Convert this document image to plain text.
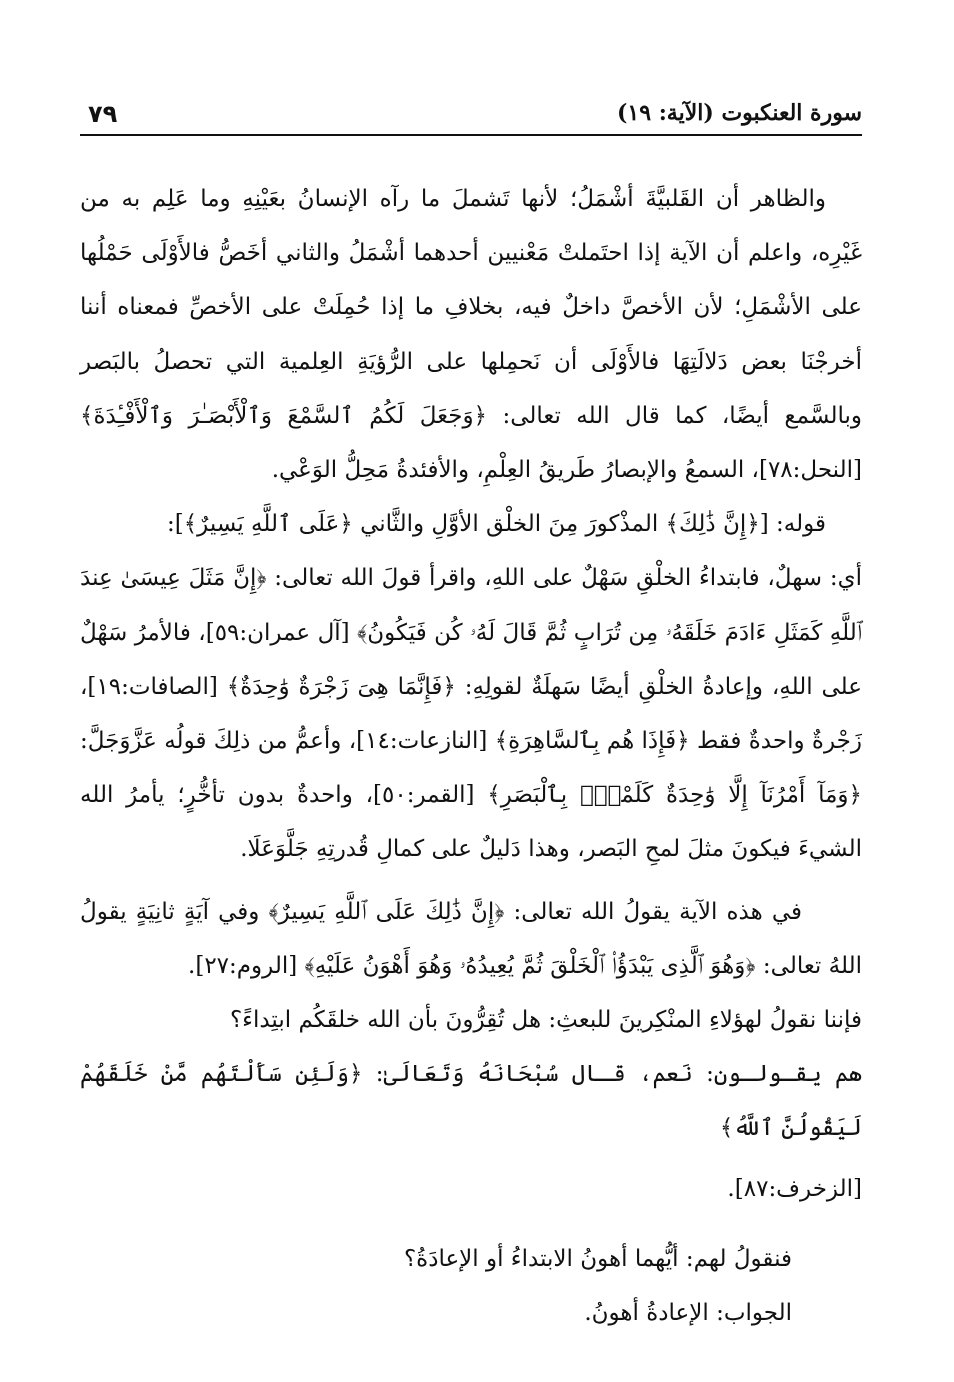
سورة العنكبوت (الآية: ١٩)
٧٩

والظاهر أن القَلبيَّةَ أشْمَلُ؛ لأنها تَشملَ ما رآه الإنسانُ بعَيْنِهِ وما عَلِم به من غَيْرِه، واعلم أن الآية إذا احتَملتْ مَعْنيين أحدهما أشْمَلُ والثاني أخَصُّ فالأَوْلَى حَمْلُها على الأشْمَلِ؛ لأن الأخصَّ داخلٌ فيه، بخلافِ ما إذا حُمِلَتْ على الأخصِّ فمعناه أننا أخرجْنَا بعض دَلالَتِهَا فالأَوْلَى أن نَحمِلها على الرُّؤيَةِ العِلمية التي تحصلُ بالبَصر وبالسَّمع أيضًا، كما قال الله تعالى: ﴿وَجَعَلَ لَكُمُ ٱلسَّمْعَ وَٱلْأَبْصَـٰرَ وَٱلْأَفْـِٔدَةَ﴾ [النحل:٧٨]، السمعُ والإبصارُ طَريقُ العِلْمِ، والأفئدةُ مَحِلُّ الوَعْي.

قوله: [﴿إِنَّ ذَٰلِكَ﴾ المذْكورَ مِنَ الخلْق الأوَّلِ والثَّاني ﴿عَلَى ٱللَّهِ يَسِيرٌ﴾]:

أي: سهلٌ، فابتداءُ الخلْقِ سَهْلٌ على اللهِ، واقرأ قولَ الله تعالى: ﴿إِنَّ مَثَلَ عِيسَىٰ عِندَ ٱللَّهِ كَمَثَلِ ءَادَمَ خَلَقَهُۥ مِن تُرَابٍ ثُمَّ قَالَ لَهُۥ كُن فَيَكُونُ﴾ [آل عمران:٥٩]، فالأمرُ سَهْلٌ على اللهِ، وإعادةُ الخلْقِ أيضًا سَهلَةٌ لقولِهِ: ﴿فَإِنَّمَا هِىَ زَجْرَةٌ وَٰحِدَةٌ﴾ [الصافات:١٩]، زَجْرةٌ واحدةٌ فقط ﴿فَإِذَا هُم بِٱلسَّاهِرَةِ﴾ [النازعات:١٤]، وأعمُّ من ذلِكَ قولُه عَزَّوَجَلَّ: ﴿وَمَآ أَمْرُنَآ إِلَّا وَٰحِدَةٌ كَلَمْحٍۭ بِٱلْبَصَرِ﴾ [القمر:٥٠]، واحدةٌ بدون تأخُّرٍ؛ يأمرُ الله الشيءَ فيكونَ مثلَ لمحِ البَصر، وهذا دَليلٌ على كمالِ قُدرتِهِ جَلَّوَعَلَا.

في هذه الآية يقولُ الله تعالى: ﴿إِنَّ ذَٰلِكَ عَلَى ٱللَّهِ يَسِيرٌ﴾ وفي آيَةٍ ثانِيَةٍ يقولُ اللهُ تعالى: ﴿وَهُوَ ٱلَّذِى يَبْدَؤُا۟ ٱلْخَلْقَ ثُمَّ يُعِيدُهُۥ وَهُوَ أَهْوَنُ عَلَيْهِ﴾ [الروم:٢٧].

فإننا نقولُ لهؤلاءِ المنْكِرينَ للبعثِ: هل تُقِرُّونَ بأن الله خلقَكُم ابتِداءً؟

هم يقـولـون: نَعم، قـال سُبْحَانَهُ وَتَعَالَىٰ: ﴿وَلَئِن سَأَلْتَهُم مَّنْ خَلَقَهُمْ لَيَقُولُنَّ ٱللَّهُ﴾

[الزخرف:٨٧].

فنقولُ لهم: أيُّهما أهونُ الابتداءُ أو الإعادَةُ؟

الجواب: الإعادةُ أهونُ.
